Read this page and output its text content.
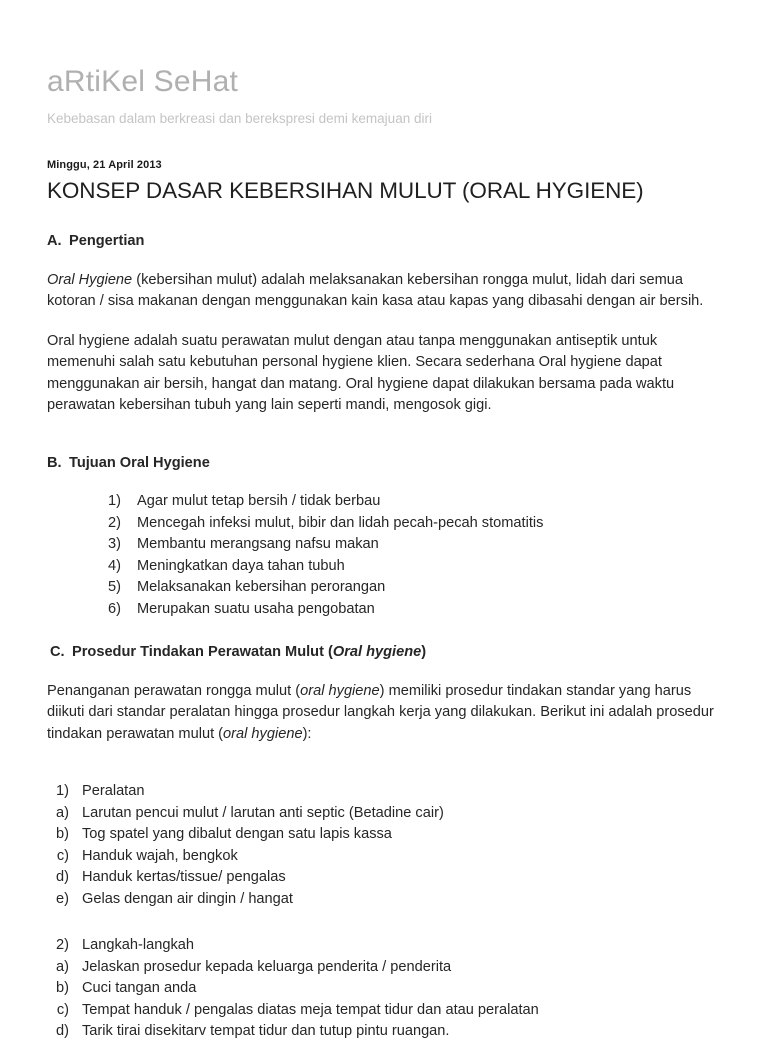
aRtiKel SeHat
Kebebasan dalam berkreasi dan berekspresi demi kemajuan diri
Minggu, 21 April 2013
KONSEP DASAR KEBERSIHAN MULUT (ORAL HYGIENE)
A. Pengertian

Oral Hygiene (kebersihan mulut) adalah melaksanakan kebersihan rongga mulut, lidah dari semua kotoran / sisa makanan dengan menggunakan kain kasa atau kapas yang dibasahi dengan air bersih.

Oral hygiene adalah suatu perawatan mulut dengan atau tanpa menggunakan antiseptik untuk memenuhi salah satu kebutuhan personal hygiene klien. Secara sederhana Oral hygiene dapat menggunakan air bersih, hangat dan matang. Oral hygiene dapat dilakukan bersama pada waktu perawatan kebersihan tubuh yang lain seperti mandi, mengosok gigi.

B. Tujuan Oral Hygiene
1)	Agar mulut tetap bersih / tidak berbau
2)	Mencegah infeksi mulut, bibir dan lidah pecah-pecah stomatitis
3)	Membantu merangsang nafsu makan
4)	Meningkatkan daya tahan tubuh
5)	Melaksanakan kebersihan perorangan
6)	Merupakan suatu usaha pengobatan
C. Prosedur Tindakan Perawatan Mulut (Oral hygiene)

Penanganan perawatan rongga mulut (oral hygiene) memiliki prosedur tindakan standar yang harus diikuti dari standar peralatan hingga prosedur langkah kerja yang dilakukan. Berikut ini adalah prosedur tindakan perawatan mulut (oral hygiene):

1) Peralatan
a) Larutan pencui mulut / larutan anti septic (Betadine cair)
b) Tog spatel yang dibalut dengan satu lapis kassa
c) Handuk wajah, bengkok
d) Handuk kertas/tissue/ pengalas
e) Gelas dengan air dingin / hangat
2) Langkah-langkah
a) Jelaskan prosedur kepada keluarga penderita / penderita
b) Cuci tangan anda
c) Tempat handuk / pengalas diatas meja tempat tidur dan atau peralatan
d) Tarik tirai disekitarv tempat tidur dan tutup pintu ruangan.
